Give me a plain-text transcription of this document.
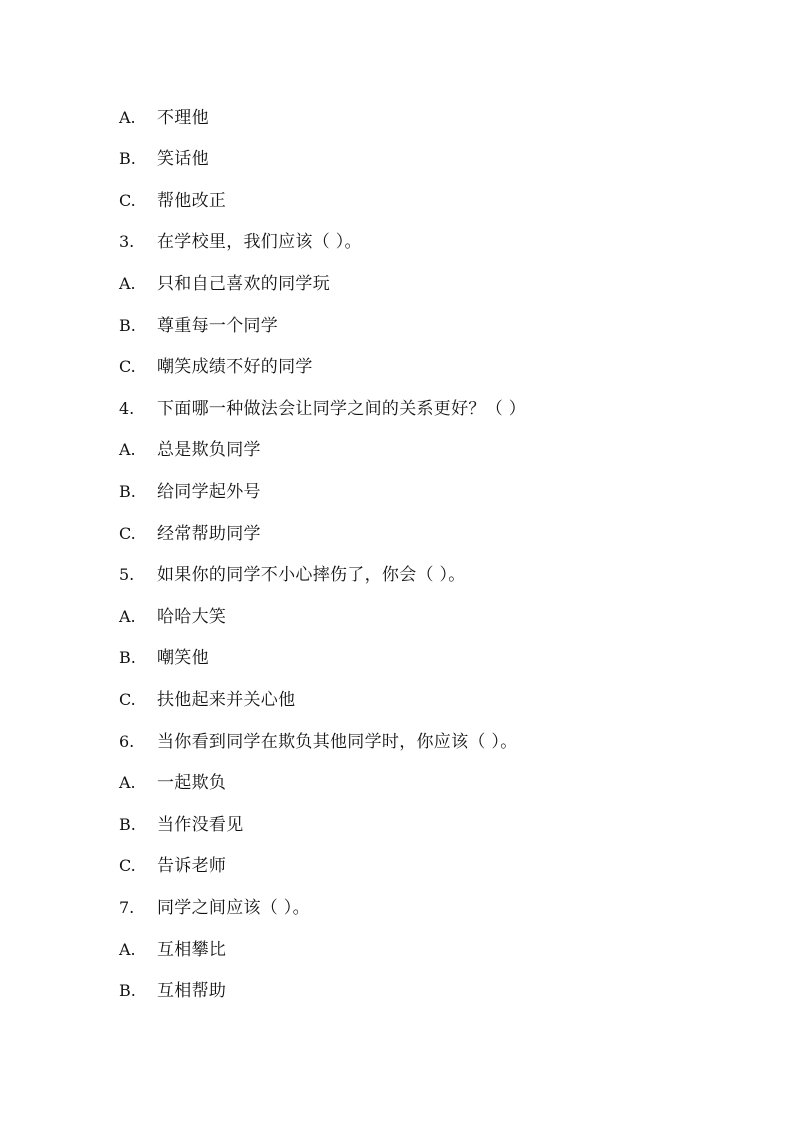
A.	不理他
B.	笑话他
C.	帮他改正
3.	在学校里，我们应该（ ）。
A.	只和自己喜欢的同学玩
B.	尊重每一个同学
C.	嘲笑成绩不好的同学
4.	下面哪一种做法会让同学之间的关系更好？（ ）
A.	总是欺负同学
B.	给同学起外号
C.	经常帮助同学
5.	如果你的同学不小心摔伤了，你会（ ）。
A.	哈哈大笑
B.	嘲笑他
C.	扶他起来并关心他
6.	当你看到同学在欺负其他同学时，你应该（ ）。
A.	一起欺负
B.	当作没看见
C.	告诉老师
7.	同学之间应该（ ）。
A.	互相攀比
B.	互相帮助
